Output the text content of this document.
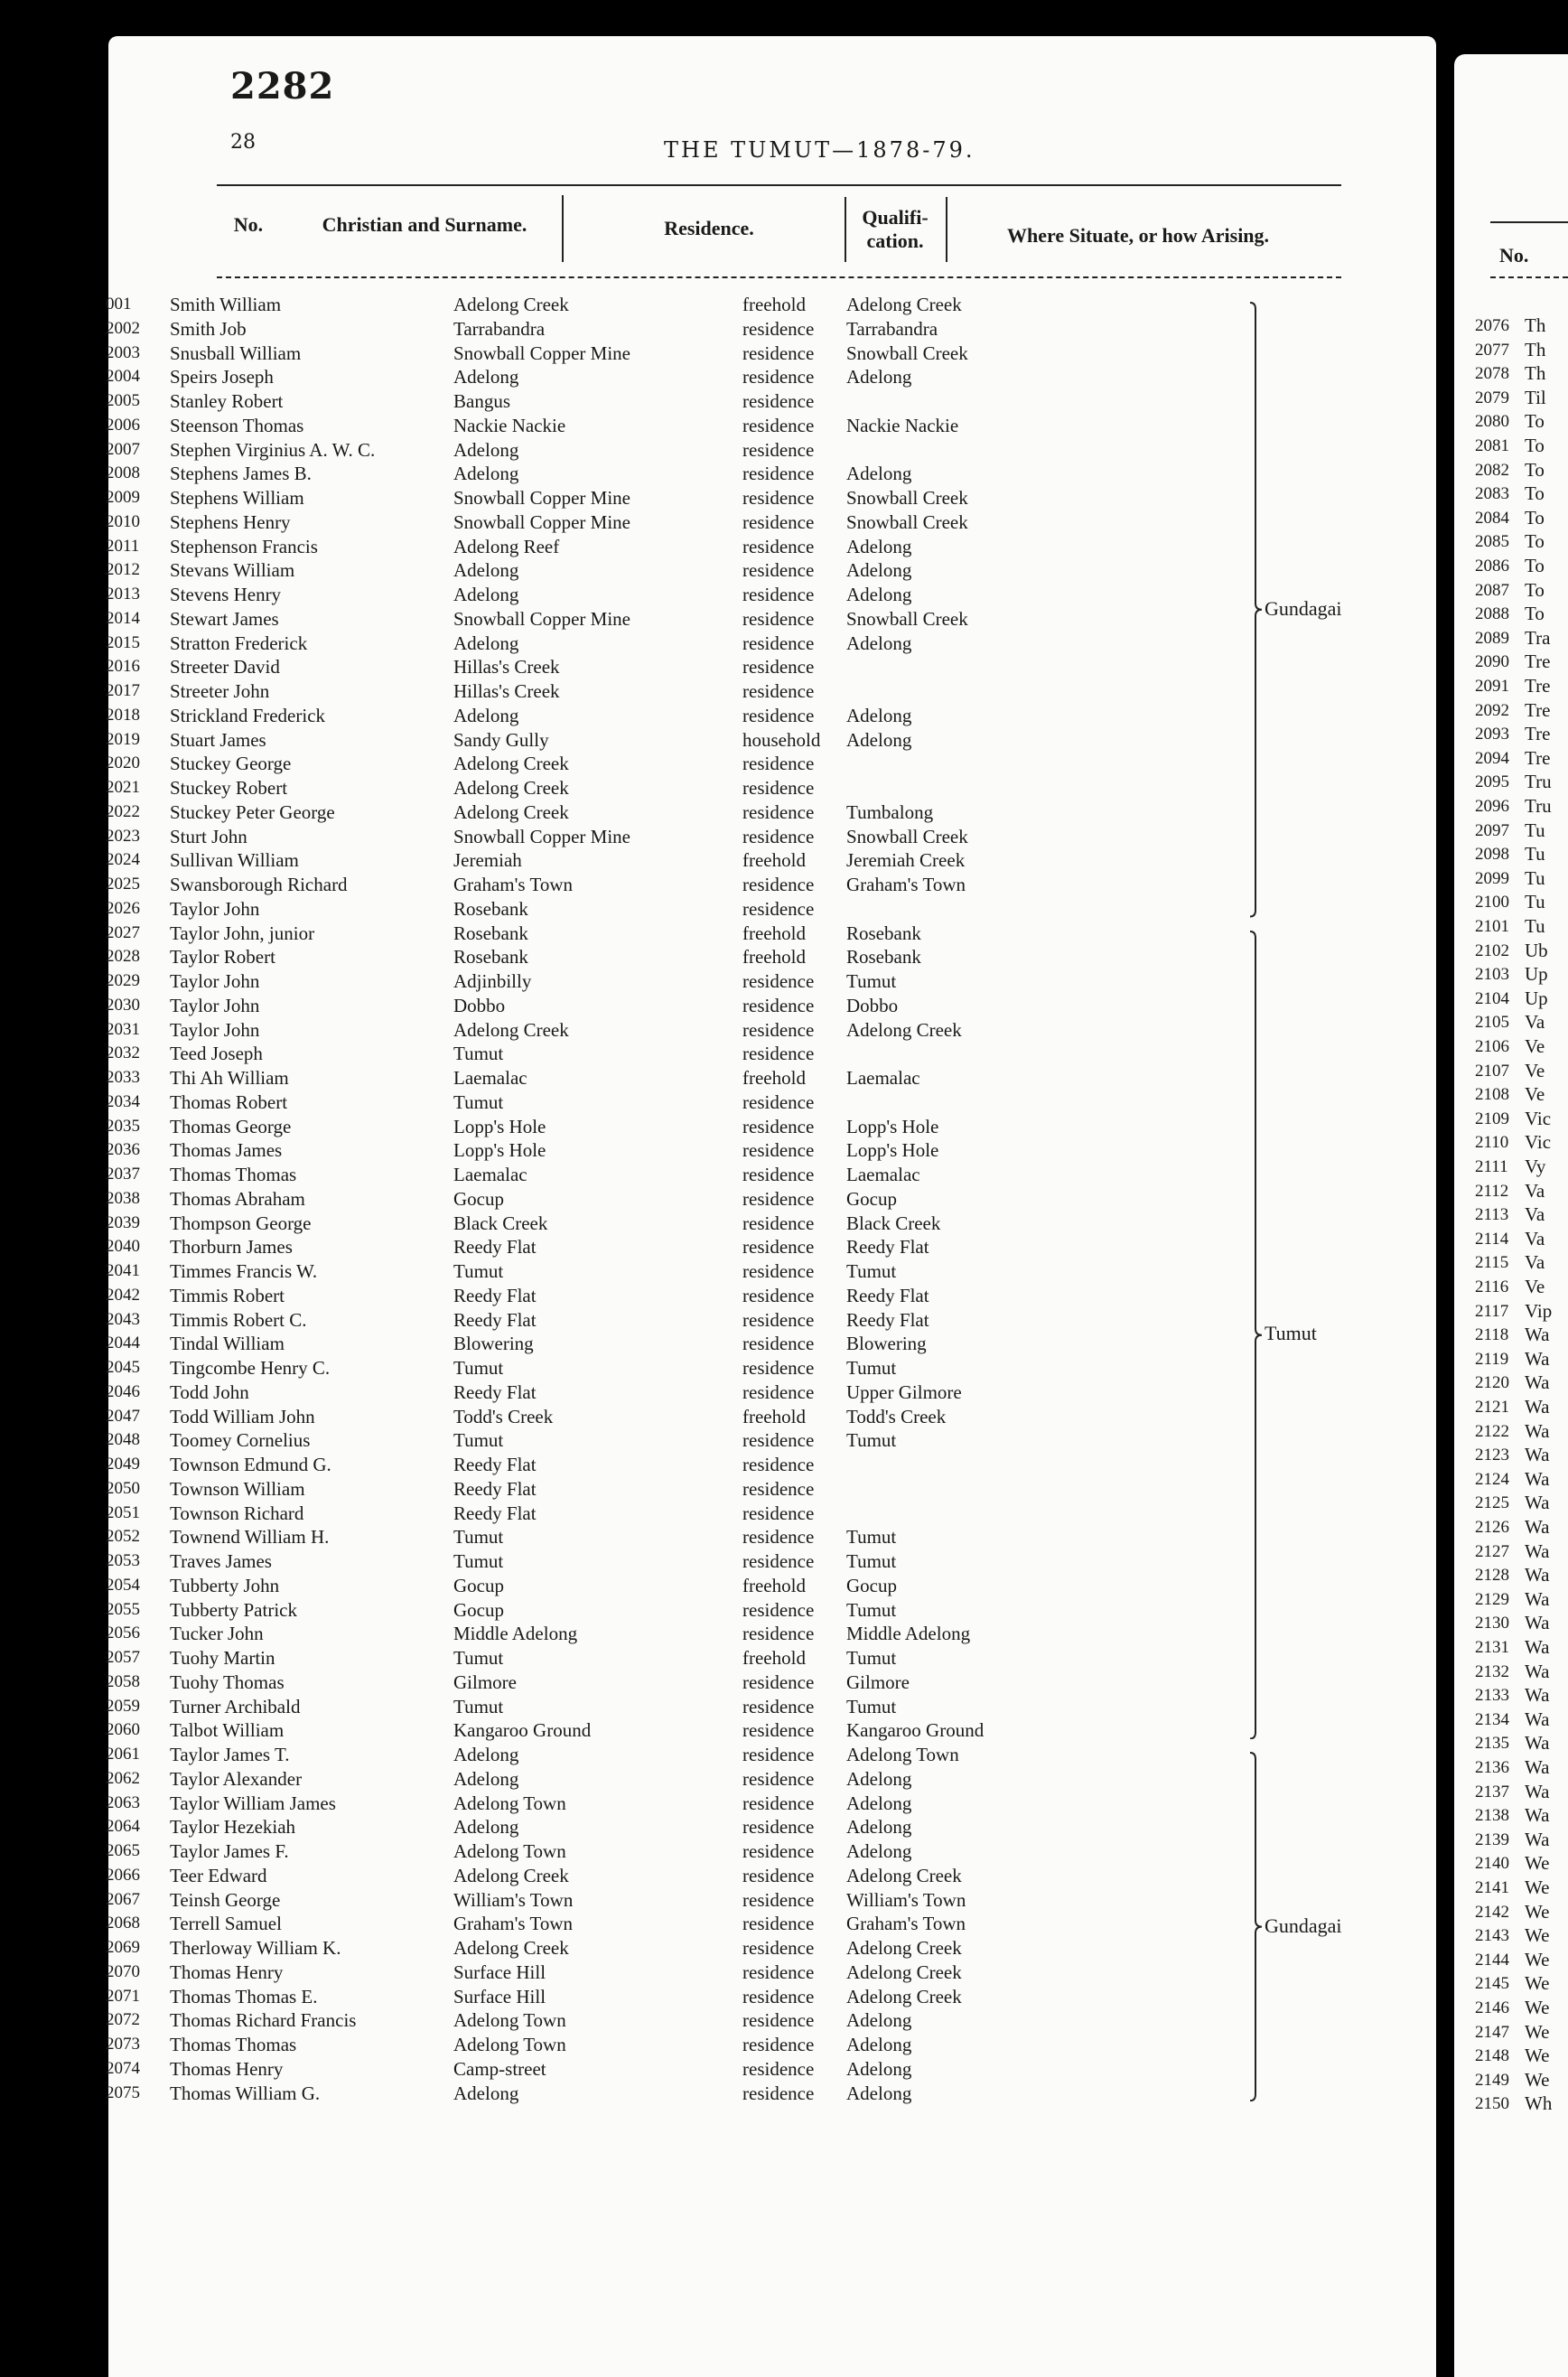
2282
28	THE TUMUT—1878-79.
No.	Christian and Surname.	Residence.	Qualifi-
cation.	Where Situate, or how Arising.
001 Smith William	Adelong Creek	freehold Adelong Creek
2002 Smith Job	Tarrabandra	residence Tarrabandra
2003 Snusball William	Snowball Copper Mine	residence Snowball Creek
2004 Speirs Joseph	Adelong	residence Adelong
2005 Stanley Robert	Bangus	residence
2006 Steenson Thomas	Nackie Nackie	residence Nackie Nackie
2007 Stephen Virginius A. W. C.	Adelong	residence
2008 Stephens James B.	Adelong	residence Adelong
2009 Stephens William	Snowball Copper Mine	residence Snowball Creek
2010 Stephens Henry	Snowball Copper Mine	residence Snowball Creek
2011 Stephenson Francis	Adelong Reef	residence Adelong
2012 Stevans William	Adelong	residence Adelong
2013 Stevens Henry	Adelong	residence Adelong
2014 Stewart James	Snowball Copper Mine	residence Snowball Creek
2015 Stratton Frederick	Adelong	residence Adelong
2016 Streeter David	Hillas's Creek	residence
2017 Streeter John	Hillas's Creek	residence
2018 Strickland Frederick	Adelong	residence Adelong
2019 Stuart James	Sandy Gully	household Adelong
2020 Stuckey George	Adelong Creek	residence
2021 Stuckey Robert	Adelong Creek	residence
2022 Stuckey Peter George	Adelong Creek	residence Tumbalong
2023 Sturt John	Snowball Copper Mine	residence Snowball Creek
2024 Sullivan William	Jeremiah	freehold Jeremiah Creek
2025 Swansborough Richard	Graham's Town	residence Graham's Town
2026 Taylor John	Rosebank	residence
2027 Taylor John, junior	Rosebank	freehold Rosebank
2028 Taylor Robert	Rosebank	freehold Rosebank
2029 Taylor John	Adjinbilly	residence Tumut
2030 Taylor John	Dobbo	residence Dobbo
2031 Taylor John	Adelong Creek	residence Adelong Creek
2032 Teed Joseph	Tumut	residence
2033 Thi Ah William	Laemalac	freehold Laemalac
2034 Thomas Robert	Tumut	residence
2035 Thomas George	Lopp's Hole	residence Lopp's Hole
2036 Thomas James	Lopp's Hole	residence Lopp's Hole
2037 Thomas Thomas	Laemalac	residence Laemalac
2038 Thomas Abraham	Gocup	residence Gocup
2039 Thompson George	Black Creek	residence Black Creek
2040 Thorburn James	Reedy Flat	residence Reedy Flat
2041 Timmes Francis W.	Tumut	residence Tumut
2042 Timmis Robert	Reedy Flat	residence Reedy Flat
2043 Timmis Robert C.	Reedy Flat	residence Reedy Flat
2044 Tindal William	Blowering	residence Blowering
2045 Tingcombe Henry C.	Tumut	residence Tumut
2046 Todd John	Reedy Flat	residence Upper Gilmore
2047 Todd William John	Todd's Creek	freehold Todd's Creek
2048 Toomey Cornelius	Tumut	residence Tumut
2049 Townson Edmund G.	Reedy Flat	residence
2050 Townson William	Reedy Flat	residence
2051 Townson Richard	Reedy Flat	residence
2052 Townend William H.	Tumut	residence Tumut
2053 Traves James	Tumut	residence Tumut
2054 Tubberty John	Gocup	freehold Gocup
2055 Tubberty Patrick	Gocup	residence Tumut
2056 Tucker John	Middle Adelong	residence Middle Adelong
2057 Tuohy Martin	Tumut	freehold Tumut
2058 Tuohy Thomas	Gilmore	residence Gilmore
2059 Turner Archibald	Tumut	residence Tumut
2060 Talbot William	Kangaroo Ground	residence Kangaroo Ground
2061 Taylor James T.	Adelong	residence Adelong Town
2062 Taylor Alexander	Adelong	residence Adelong
2063 Taylor William James	Adelong Town	residence Adelong
2064 Taylor Hezekiah	Adelong	residence Adelong
2065 Taylor James F.	Adelong Town	residence Adelong
2066 Teer Edward	Adelong Creek	residence Adelong Creek
2067 Teinsh George	William's Town	residence William's Town
2068 Terrell Samuel	Graham's Town	residence Graham's Town
2069 Therloway William K.	Adelong Creek	residence Adelong Creek
2070 Thomas Henry	Surface Hill	residence Adelong Creek
2071 Thomas Thomas E.	Surface Hill	residence Adelong Creek
2072 Thomas Richard Francis	Adelong Town	residence Adelong
2073 Thomas Thomas	Adelong Town	residence Adelong
2074 Thomas Henry	Camp-street	residence Adelong
2075 Thomas William G.	Adelong	residence Adelong
Gundagai
Tumut
Gundagai
No.
2076 Th
2077 Th
2078 Th
2079 Til
2080 To
2081 To
2082 To
2083 To
2084 To
2085 To
2086 To
2087 To
2088 To
2089 Tra
2090 Tre
2091 Tre
2092 Tre
2093 Tre
2094 Tre
2095 Tru
2096 Tru
2097 Tu
2098 Tu
2099 Tu
2100 Tu
2101 Tu
2102 Ub
2103 Up
2104 Up
2105 Va
2106 Ve
2107 Ve
2108 Ve
2109 Vic
2110 Vic
2111 Vy
2112 Va
2113 Va
2114 Va
2115 Va
2116 Ve
2117 Vip
2118 Wa
2119 Wa
2120 Wa
2121 Wa
2122 Wa
2123 Wa
2124 Wa
2125 Wa
2126 Wa
2127 Wa
2128 Wa
2129 Wa
2130 Wa
2131 Wa
2132 Wa
2133 Wa
2134 Wa
2135 Wa
2136 Wa
2137 Wa
2138 Wa
2139 Wa
2140 We
2141 We
2142 We
2143 We
2144 We
2145 We
2146 We
2147 We
2148 We
2149 We
2150 Wh
